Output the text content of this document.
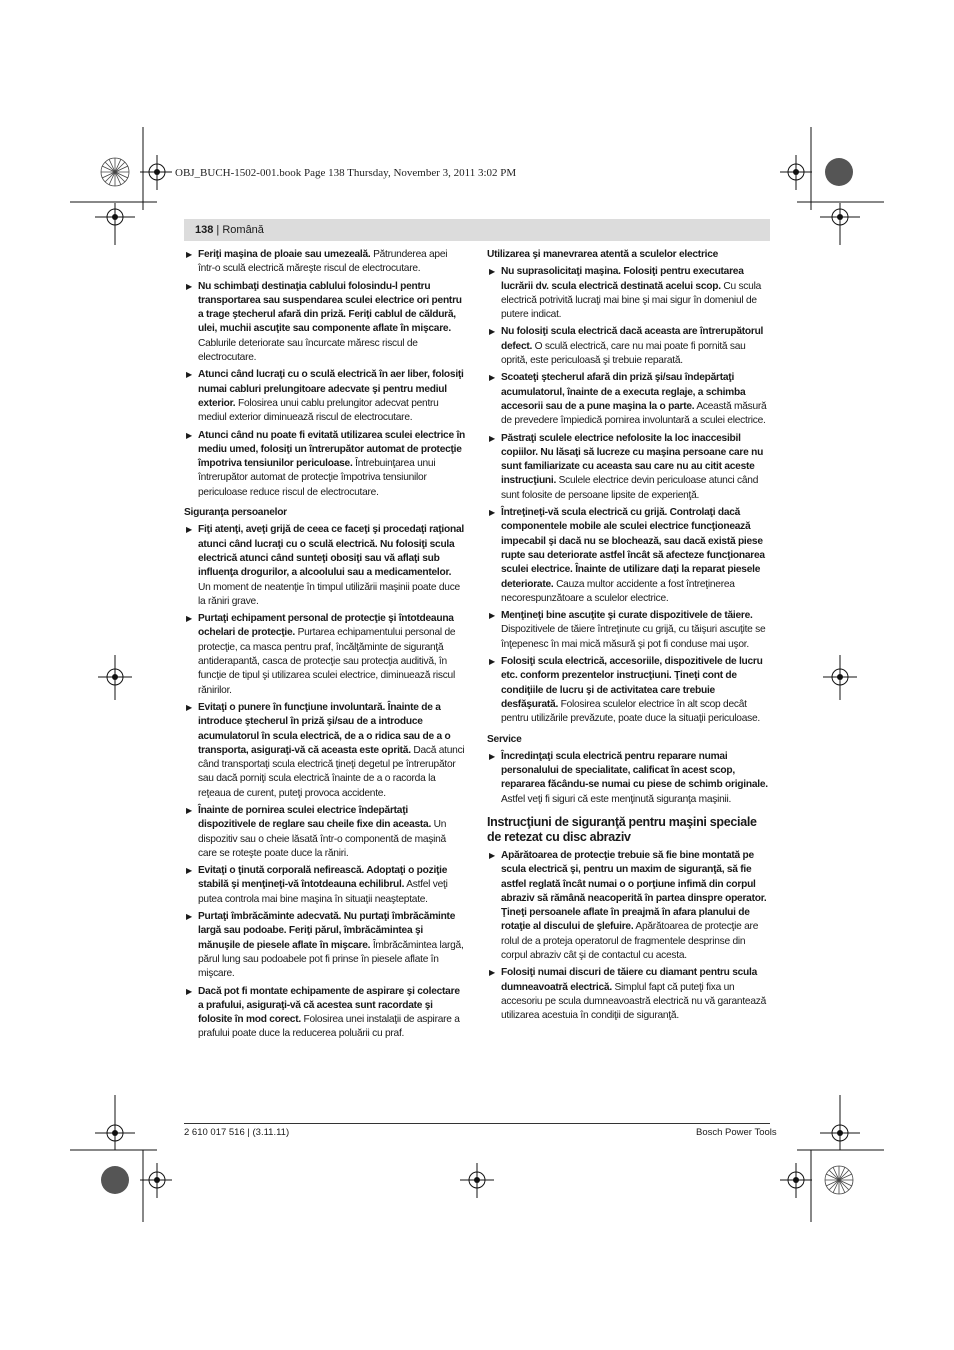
OBJ_BUCH-1502-001.book Page 138 Thursday, November 3, 2011 3:02 PM
138 | Română
▶ Feriţi maşina de ploaie sau umezeală. Pătrunderea apei într-o sculă electrică măreşte riscul de electrocutare.
▶ Nu schimbaţi destinaţia cablului folosindu-l pentru transportarea sau suspendarea sculei electrice ori pentru a trage ştecherul afară din priză. Feriţi cablul de căldură, ulei, muchii ascuţite sau componente aflate în mişcare. Cablurile deteriorate sau încurcate măresc riscul de electrocutare.
▶ Atunci când lucraţi cu o sculă electrică în aer liber, folosiţi numai cabluri prelungitoare adecvate şi pentru mediul exterior. Folosirea unui cablu prelungitor adecvat pentru mediul exterior diminuează riscul de electrocutare.
▶ Atunci când nu poate fi evitată utilizarea sculei electrice în mediu umed, folosiţi un întrerupător automat de protecţie împotriva tensiunilor periculoase. Întrebuinţarea unui întrerupător automat de protecţie împotriva tensiunilor periculoase reduce riscul de electrocutare.
Siguranţa persoanelor
▶ Fiţi atenţi, aveţi grijă de ceea ce faceţi şi procedaţi raţional atunci când lucraţi cu o sculă electrică. Nu folosiţi scula electrică atunci când sunteţi obosiţi sau vă aflaţi sub influenţa drogurilor, a alcoolului sau a medicamentelor. Un moment de neatenţie în timpul utilizării maşinii poate duce la răniri grave.
▶ Purtaţi echipament personal de protecţie şi întotdeauna ochelari de protecţie. Purtarea echipamentului personal de protecţie, ca masca pentru praf, încălţăminte de siguranţă antiderapantă, casca de protecţie sau protecţia auditivă, în funcţie de tipul şi utilizarea sculei electrice, diminuează riscul rănirilor.
▶ Evitaţi o punere în funcţiune involuntară. Înainte de a introduce ştecherul în priză şi/sau de a introduce acumulatorul în scula electrică, de a o ridica sau de a o transporta, asiguraţi-vă că aceasta este oprită. Dacă atunci când transportaţi scula electrică ţineţi degetul pe întrerupător sau dacă porniţi scula electrică înainte de a o racorda la reţeaua de curent, puteţi provoca accidente.
▶ Înainte de pornirea sculei electrice îndepărtaţi dispozitivele de reglare sau cheile fixe din aceasta. Un dispozitiv sau o cheie lăsată într-o componentă de maşină care se roteşte poate duce la răniri.
▶ Evitaţi o ţinută corporală nefirească. Adoptaţi o poziţie stabilă şi menţineţi-vă întotdeauna echilibrul. Astfel veţi putea controla mai bine maşina în situaţii neaşteptate.
▶ Purtaţi îmbrăcăminte adecvată. Nu purtaţi îmbrăcăminte largă sau podoabe. Feriţi părul, îmbrăcămintea şi mănuşile de piesele aflate în mişcare. Îmbrăcămintea largă, părul lung sau podoabele pot fi prinse în piesele aflate în mişcare.
▶ Dacă pot fi montate echipamente de aspirare şi colectare a prafului, asiguraţi-vă că acestea sunt racordate şi folosite în mod corect. Folosirea unei instalaţii de aspirare a prafului poate duce la reducerea poluării cu praf.
Utilizarea şi manevrarea atentă a sculelor electrice
▶ Nu suprasolicitaţi maşina. Folosiţi pentru executarea lucrării dv. scula electrică destinată acelui scop. Cu scula electrică potrivită lucraţi mai bine şi mai sigur în domeniul de putere indicat.
▶ Nu folosiţi scula electrică dacă aceasta are întrerupătorul defect. O sculă electrică, care nu mai poate fi pornită sau oprită, este periculoasă şi trebuie reparată.
▶ Scoateţi ştecherul afară din priză şi/sau îndepărtaţi acumulatorul, înainte de a executa reglaje, a schimba accesorii sau de a pune maşina la o parte. Această măsură de prevedere împiedică pornirea involuntară a sculei electrice.
▶ Păstraţi sculele electrice nefolosite la loc inaccesibil copiilor. Nu lăsaţi să lucreze cu maşina persoane care nu sunt familiarizate cu aceasta sau care nu au citit aceste instrucţiuni. Sculele electrice devin periculoase atunci când sunt folosite de persoane lipsite de experienţă.
▶ Întreţineţi-vă scula electrică cu grijă. Controlaţi dacă componentele mobile ale sculei electrice funcţionează impecabil şi dacă nu se blochează, sau dacă există piese rupte sau deteriorate astfel încât să afecteze funcţionarea sculei electrice. Înainte de utilizare daţi la reparat piesele deteriorate. Cauza multor accidente a fost întreţinerea necorespunzătoare a sculelor electrice.
▶ Menţineţi bine ascuţite şi curate dispozitivele de tăiere. Dispozitivele de tăiere întreţinute cu grijă, cu tăişuri ascuţite se înţepenesc în mai mică măsură şi pot fi conduse mai uşor.
▶ Folosiţi scula electrică, accesoriile, dispozitivele de lucru etc. conform prezentelor instrucţiuni. Ţineţi cont de condiţiile de lucru şi de activitatea care trebuie desfăşurată. Folosirea sculelor electrice în alt scop decât pentru utilizările prevăzute, poate duce la situaţii periculoase.
Service
▶ Încredinţaţi scula electrică pentru reparare numai personalului de specialitate, calificat în acest scop, repararea făcându-se numai cu piese de schimb originale. Astfel veţi fi siguri că este menţinută siguranţa maşinii.
Instrucţiuni de siguranţă pentru maşini speciale de retezat cu disc abraziv
▶ Apărătoarea de protecţie trebuie să fie bine montată pe scula electrică şi, pentru un maxim de siguranţă, să fie astfel reglată încât numai o o porţiune infimă din corpul abraziv să rămână neacoperită în partea dinspre operator. Ţineţi persoanele aflate în preajmă în afara planului de rotaţie al discului de şlefuire. Apărătoarea de protecţie are rolul de a proteja operatorul de fragmentele desprinse din corpul abraziv cât şi de contactul cu acesta.
▶ Folosiţi numai discuri de tăiere cu diamant pentru scula dumneavoatră electrică. Simplul fapt că puteţi fixa un accesoriu pe scula dumneavoastră electrică nu vă garantează utilizarea acestuia în condiţii de siguranţă.
2 610 017 516 | (3.11.11)	Bosch Power Tools
